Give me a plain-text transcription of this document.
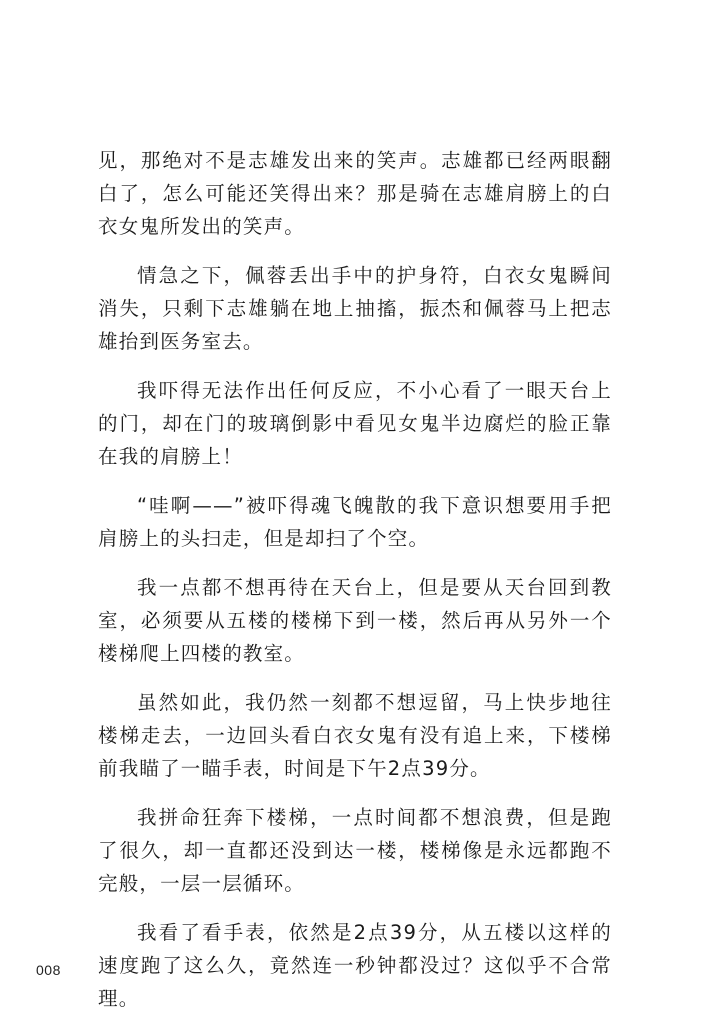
见，那绝对不是志雄发出来的笑声。志雄都已经两眼翻白了，怎么可能还笑得出来？那是骑在志雄肩膀上的白衣女鬼所发出的笑声。

情急之下，佩蓉丢出手中的护身符，白衣女鬼瞬间消失，只剩下志雄躺在地上抽搐，振杰和佩蓉马上把志雄抬到医务室去。

我吓得无法作出任何反应，不小心看了一眼天台上的门，却在门的玻璃倒影中看见女鬼半边腐烂的脸正靠在我的肩膀上！

“哇啊——”被吓得魂飞魄散的我下意识想要用手把肩膀上的头扫走，但是却扫了个空。

我一点都不想再待在天台上，但是要从天台回到教室，必须要从五楼的楼梯下到一楼，然后再从另外一个楼梯爬上四楼的教室。

虽然如此，我仍然一刻都不想逗留，马上快步地往楼梯走去，一边回头看白衣女鬼有没有追上来，下楼梯前我瞄了一瞄手表，时间是下午2点39分。

我拼命狂奔下楼梯，一点时间都不想浪费，但是跑了很久，却一直都还没到达一楼，楼梯像是永远都跑不完般，一层一层循环。

我看了看手表，依然是2点39分，从五楼以这样的速度跑了这么久，竟然连一秒钟都没过？这似乎不合常理。

008
